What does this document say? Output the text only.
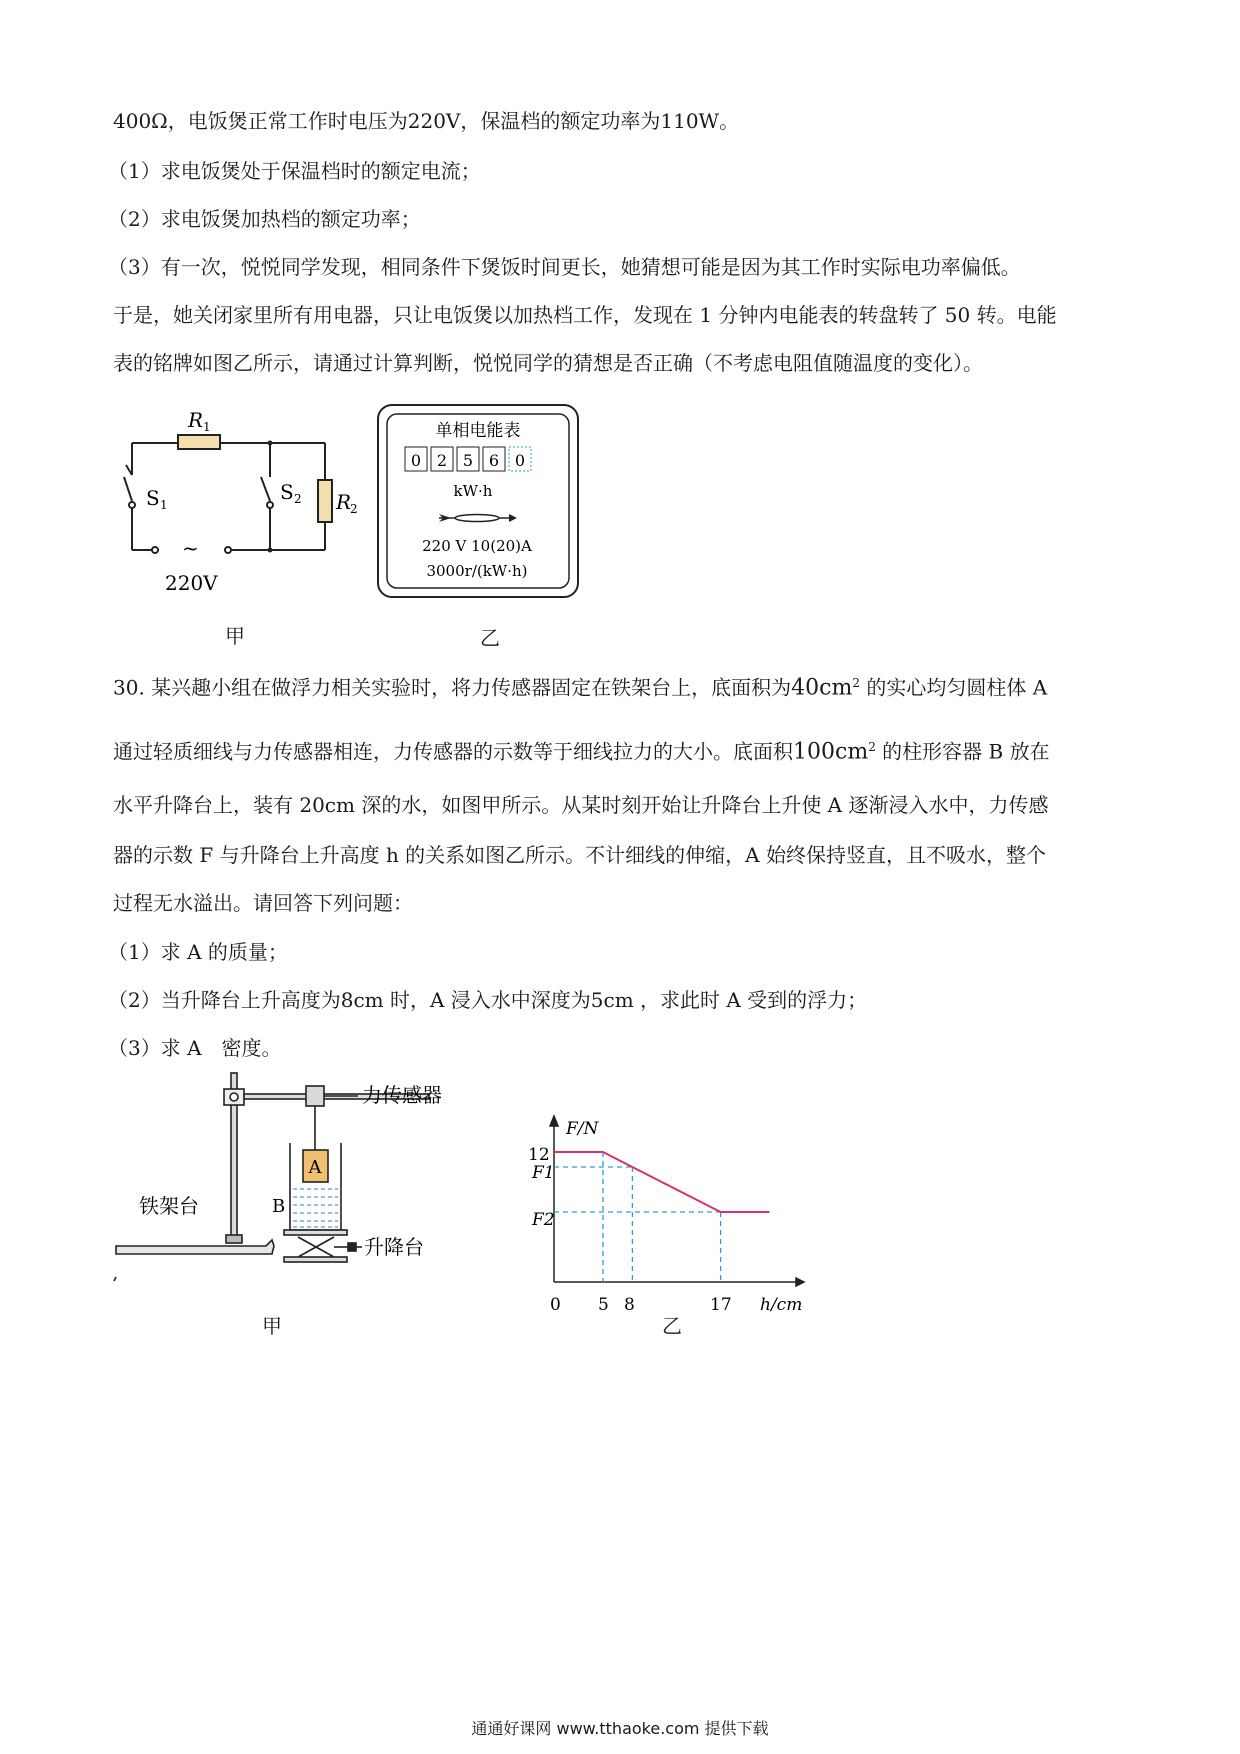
400Ω，电饭煲正常工作时电压为220V，保温档的额定功率为110W。
（1）求电饭煲处于保温档时的额定电流；
（2）求电饭煲加热档的额定功率；
（3）有一次，悦悦同学发现，相同条件下煲饭时间更长，她猜想可能是因为其工作时实际电功率偏低。
于是，她关闭家里所有用电器，只让电饭煲以加热档工作，发现在 1 分钟内电能表的转盘转了 50 转。电能
表的铭牌如图乙所示，请通过计算判断，悦悦同学的猜想是否正确（不考虑电阻值随温度的变化）。
R 1
S 1
S 2 R
2
~
220V
甲
单相电能表
0 2 5 6 0
kW·h
220 V 10(20)A
3000r/(kW·h)
乙
30. 某兴趣小组在做浮力相关实验时，将力传感器固定在铁架台上，底面积为$40cm^2$ 的实心均匀圆柱体 A
通过轻质细线与力传感器相连，力传感器的示数等于细线拉力的大小。底面积$100cm^2$ 的柱形容器 B 放在
水平升降台上，装有 20cm 深的水，如图甲所示。从某时刻开始让升降台上升使 A 逐渐浸入水中，力传感
器的示数 F 与升降台上升高度 h 的关系如图乙所示。不计细线的伸缩，A 始终保持竖直，且不吸水，整个
过程无水溢出。请回答下列问题：
（1）求 A 的质量；
（2）当升降台上升高度为8cm 时，A 浸入水中深度为5cm ，求此时 A 受到的浮力；
（3）求 A　密度。
A
B
力传感器
铁架台
升降台
甲
F/N
h/cm
0 5 8	17
12
F1
F2
乙
通通好课网 www.tthaoke.com 提供下载
